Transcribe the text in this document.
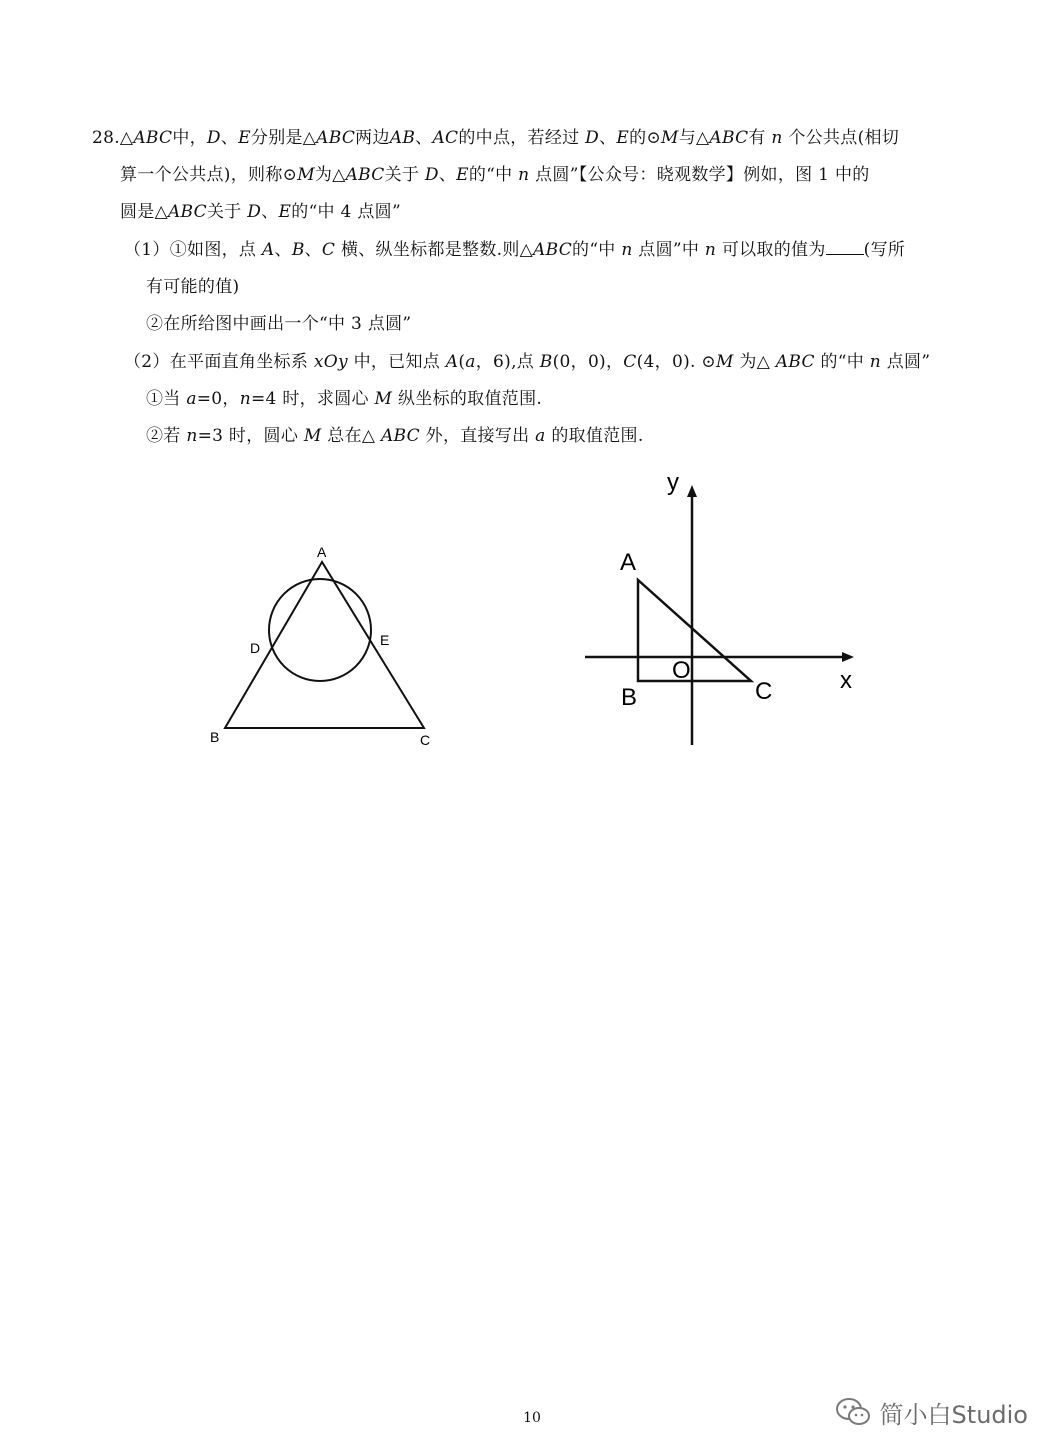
28.△ABC中，D、E分别是△ABC两边AB、AC的中点，若经过 D、E的⊙M与△ABC有 n 个公共点(相切
算一个公共点)，则称⊙M为△ABC关于 D、E的“中 n 点圆”【公众号：晓观数学】例如，图 1 中的
圆是△ABC关于 D、E的“中 4 点圆”
（1）①如图，点 A、B、C 横、纵坐标都是整数.则△ABC的“中 n 点圆”中 n 可以取的值为 (写所
有可能的值)
②在所给图中画出一个“中 3 点圆”
（2）在平面直角坐标系 xOy 中，已知点 A(a，6),点 B(0，0)，C(4，0). ⊙M 为△ ABC 的“中 n 点圆”
①当 a=0，n=4 时，求圆心 M 纵坐标的取值范围.
②若 n=3 时，圆心 M 总在△ ABC 外，直接写出 a 的取值范围.
A
D	E
B	C
y
A
O
B	C	x
10	简小白Studio
